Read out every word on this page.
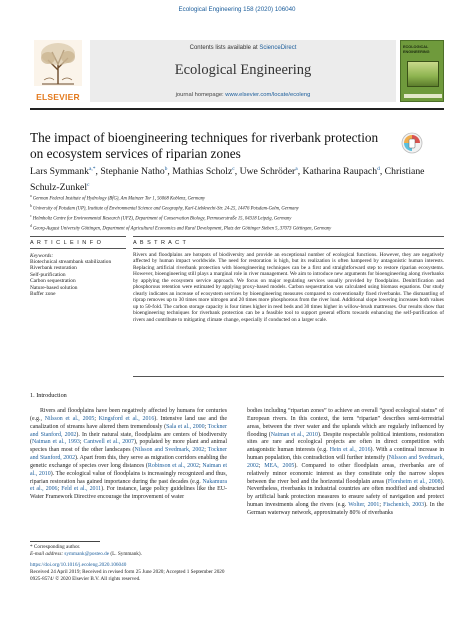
Ecological Engineering 158 (2020) 106040
ELSEVIER
Contents lists available at ScienceDirect
Ecological Engineering
journal homepage: www.elsevier.com/locate/ecoleng
ECOLOGICAL ENGINEERING
The impact of bioengineering techniques for riverbank protection on ecosystem services of riparian zones
Lars Symmank$^{a,*}$, Stephanie Natho$^b$, Mathias Scholz$^c$, Uwe Schröder$^a$, Katharina Raupach$^d$, Christiane Schulz-Zunkel$^c$
$^a$ German Federal Institute of Hydrology (BfG), Am Mainzer Tor 1, 56068 Koblenz, Germany
$^b$ University of Potsdam (UP), Institute of Environmental Science and Geography, Karl-Liebknecht-Str. 24-25, 14476 Potsdam-Golm, Germany
$^c$ Helmholtz Centre for Environmental Research (UFZ), Department of Conservation Biology, Permoserstraße 15, 04318 Leipzig, Germany
$^d$ Georg-August University Göttingen, Department of Agricultural Economics and Rural Development, Platz der Göttinger Sieben 5, 37073 Göttingen, Germany
A R T I C L E I N F O	A B S T R A C T
Keywords:
Biotechnical streambank stabilization
Riverbank restoration
Self-purification
Carbon sequestration
Nature-based solution
Buffer zone

Rivers and floodplains are hotspots of biodiversity and provide an exceptional number of ecological functions. However, they are negatively affected by human impact worldwide. The need for restoration is high, but its realization is often hampered by antagonistic human interests. Replacing artificial riverbank protection with bioengineering techniques can be a first and straightforward step to restore riparian ecosystems. However, bioengineering still plays a marginal role in river management. We aim to introduce new arguments for bioengineering along riverbanks by applying the ecosystem service approach. We focus on major regulating services usually provided by floodplains. Denitrification and phosphorous retention were estimated by applying proxy-based models. Carbon sequestration was calculated using biomass equations. Our study clearly indicates an increase of ecosystem services by bioengineering measures compared to conventionally fixed riverbanks. The dismantling of riprap removes up to 30 times more nitrogen and 20 times more phosphorous from the river load. Additional slope lowering increases both values up to 50-fold. The carbon storage capacity is four times higher in reed beds and 30 times higher in willow-brush mattresses. Our results show that bioengineering techniques for riverbank protection can be a feasible tool to support general efforts towards enhancing the self-purification of rivers and contribute to mitigating climate change, especially if conducted on a larger scale.

1. Introduction

Rivers and floodplains have been negatively affected by humans for centuries (e.g., Nilsson et al., 2005; Kingsford et al., 2016). Intensive land use and the canalization of streams have altered them tremendously (Sala et al., 2000; Tockner and Stanford, 2002). In their natural state, floodplains are centers of biodiversity (Naiman et al., 1993; Cantwell et al., 2007), populated by more plant and animal species than most of the other landscapes (Nilsson and Svedmark, 2002; Tockner and Stanford, 2002). Apart from this, they serve as migration corridors enabling the genetic exchange of species over long distances (Robinson et al., 2002; Naiman et al., 2010). The ecological value of floodplains is increasingly recognized and thus, riparian restoration has gained importance during the past decades (e.g. Nakamura et al., 2006; Feld et al., 2011). For instance, large policy guidelines like the EU-Water Framework Directive encourage the improvement of water

bodies including “riparian zones” to achieve an overall “good ecological status” of European rivers. In this context, the term “riparian” describes semi-terrestrial areas, between the river water and the uplands which are regularly influenced by flooding (Naiman et al., 2010). Despite respectable political intentions, restoration sites are rare and ecological projects are often in direct competition with antagonistic human interests (e.g. Hein et al., 2016). With a continual increase in human population, this contradiction will further intensify (Nilsson and Svedmark, 2002; MEA, 2005). Compared to other floodplain areas, riverbanks are of relatively minor economic interest as they constitute only the narrow slopes between the river bed and the horizontal floodplain areas (Florsheim et al., 2008). Nevertheless, riverbanks in industrial countries are often modified and obstructed by artificial bank protection measures to ensure safety of navigation and protect human investments along the rivers (e.g. Wolter, 2001; Fischenich, 2003). In the German waterway network, approximately 80% of riverbanks

* Corresponding author.

E-mail address: symmank@posteo.de (L. Symmank).

https://doi.org/10.1016/j.ecoleng.2020.106040

Received 24 April 2019; Received in revised form 25 June 2020; Accepted 1 September 2020

0925-8574/ © 2020 Elsevier B.V. All rights reserved.
